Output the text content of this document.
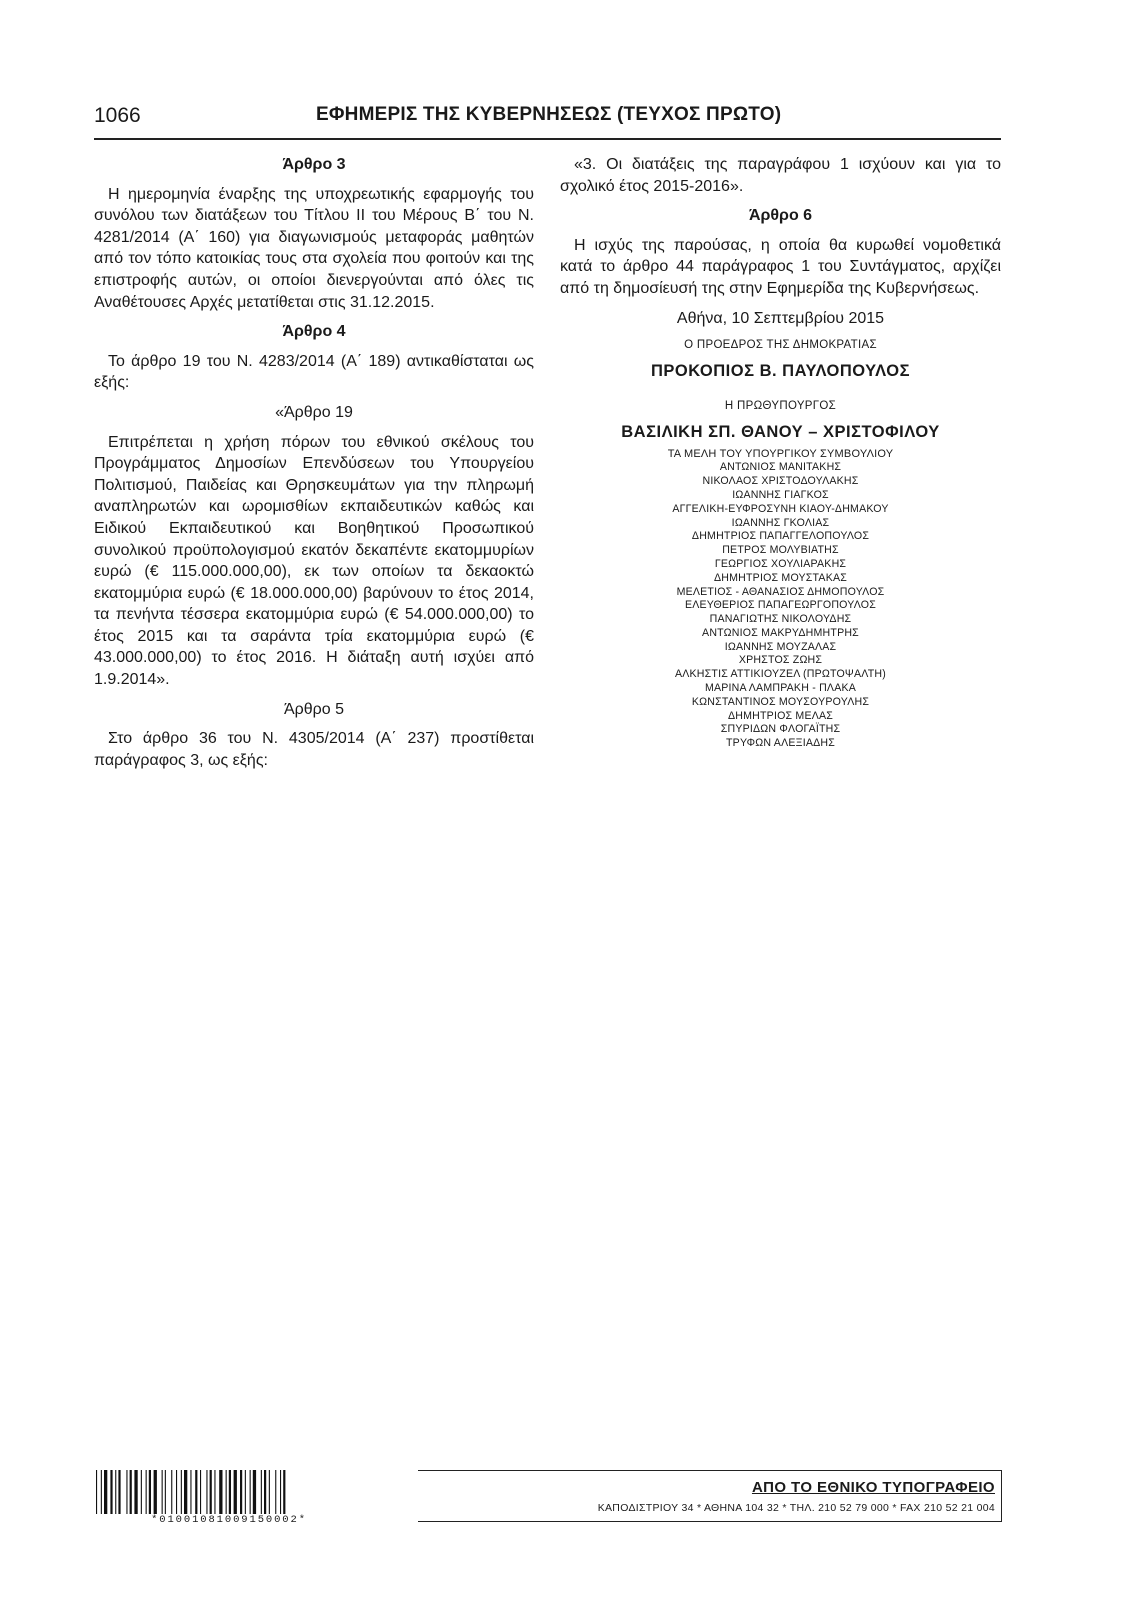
1066	ΕΦΗΜΕΡΙΣ ΤΗΣ ΚΥΒΕΡΝΗΣΕΩΣ (ΤΕΥΧΟΣ ΠΡΩΤΟ)
Άρθρο 3

Η ημερομηνία έναρξης της υποχρεωτικής εφαρμογής του συνόλου των διατάξεων του Τίτλου ΙΙ του Μέρους Β΄ του Ν. 4281/2014 (Α΄ 160) για διαγωνισμούς μεταφοράς μαθητών από τον τόπο κατοικίας τους στα σχολεία που φοιτούν και της επιστροφής αυτών, οι οποίοι διενεργούνται από όλες τις Αναθέτουσες Αρχές μετατίθεται στις 31.12.2015.

Άρθρο 4

Το άρθρο 19 του Ν. 4283/2014 (Α΄ 189) αντικαθίσταται ως εξής:

«Άρθρο 19

Επιτρέπεται η χρήση πόρων του εθνικού σκέλους του Προγράμματος Δημοσίων Επενδύσεων του Υπουργείου Πολιτισμού, Παιδείας και Θρησκευμάτων για την πληρωμή αναπληρωτών και ωρομισθίων εκπαιδευτικών καθώς και Ειδικού Εκπαιδευτικού και Βοηθητικού Προσωπικού συνολικού προϋπολογισμού εκατόν δεκαπέντε εκατομμυρίων ευρώ (€ 115.000.000,00), εκ των οποίων τα δεκαοκτώ εκατομμύρια ευρώ (€ 18.000.000,00) βαρύνουν το έτος 2014, τα πενήντα τέσσερα εκατομμύρια ευρώ (€ 54.000.000,00) το έτος 2015 και τα σαράντα τρία εκατομμύρια ευρώ (€ 43.000.000,00) το έτος 2016. Η διάταξη αυτή ισχύει από 1.9.2014».

Άρθρο 5

Στο άρθρο 36 του Ν. 4305/2014 (Α΄ 237) προστίθεται παράγραφος 3, ως εξής:

«3. Οι διατάξεις της παραγράφου 1 ισχύουν και για το σχολικό έτος 2015-2016».

Άρθρο 6

Η ισχύς της παρούσας, η οποία θα κυρωθεί νομοθετικά κατά το άρθρο 44 παράγραφος 1 του Συντάγματος, αρχίζει από τη δημοσίευσή της στην Εφημερίδα της Κυβερνήσεως.

Αθήνα, 10 Σεπτεμβρίου 2015
Ο ΠΡΟΕΔΡΟΣ ΤΗΣ ΔΗΜΟΚΡΑΤΙΑΣ
ΠΡΟΚΟΠΙΟΣ Β. ΠΑΥΛΟΠΟΥΛΟΣ
Η ΠΡΩΘΥΠΟΥΡΓΟΣ
ΒΑΣΙΛΙΚΗ ΣΠ. ΘΑΝΟΥ – ΧΡΙΣΤΟΦΙΛΟΥ
ΤΑ ΜΕΛΗ ΤΟΥ ΥΠΟΥΡΓΙΚΟΥ ΣΥΜΒΟΥΛΙΟΥ
ΑΝΤΩΝΙΟΣ ΜΑΝΙΤΑΚΗΣ
ΝΙΚΟΛΑΟΣ ΧΡΙΣΤΟΔΟΥΛΑΚΗΣ
ΙΩΑΝΝΗΣ ΓΙΑΓΚΟΣ
ΑΓΓΕΛΙΚΗ-ΕΥΦΡΟΣΥΝΗ ΚΙΑΟΥ-ΔΗΜΑΚΟΥ
ΙΩΑΝΝΗΣ ΓΚΟΛΙΑΣ
ΔΗΜΗΤΡΙΟΣ ΠΑΠΑΓΓΕΛΟΠΟΥΛΟΣ
ΠΕΤΡΟΣ ΜΟΛΥΒΙΑΤΗΣ
ΓΕΩΡΓΙΟΣ ΧΟΥΛΙΑΡΑΚΗΣ
ΔΗΜΗΤΡΙΟΣ ΜΟΥΣΤΑΚΑΣ
ΜΕΛΕΤΙΟΣ - ΑΘΑΝΑΣΙΟΣ ΔΗΜΟΠΟΥΛΟΣ
ΕΛΕΥΘΕΡΙΟΣ ΠΑΠΑΓΕΩΡΓΟΠΟΥΛΟΣ
ΠΑΝΑΓΙΩΤΗΣ ΝΙΚΟΛΟΥΔΗΣ
ΑΝΤΩΝΙΟΣ ΜΑΚΡΥΔΗΜΗΤΡΗΣ
ΙΩΑΝΝΗΣ ΜΟΥΖΑΛΑΣ
ΧΡΗΣΤΟΣ ΖΩΗΣ
ΑΛΚΗΣΤΙΣ ΑΤΤΙΚΙΟΥΖΕΛ (ΠΡΩΤΟΨΑΛΤΗ)
ΜΑΡΙΝΑ ΛΑΜΠΡΑΚΗ - ΠΛΑΚΑ
ΚΩΝΣΤΑΝΤΙΝΟΣ ΜΟΥΣΟΥΡΟΥΛΗΣ
ΔΗΜΗΤΡΙΟΣ ΜΕΛΑΣ
ΣΠΥΡΙΔΩΝ ΦΛΟΓΑΪΤΗΣ
ΤΡΥΦΩΝ ΑΛΕΞΙΑΔΗΣ
*01001081009150002*
ΑΠΟ ΤΟ ΕΘΝΙΚΟ ΤΥΠΟΓΡΑΦΕΙΟ
ΚΑΠΟΔΙΣΤΡΙΟΥ 34 * ΑΘΗΝΑ 104 32 * ΤΗΛ. 210 52 79 000 * FAX 210 52 21 004
